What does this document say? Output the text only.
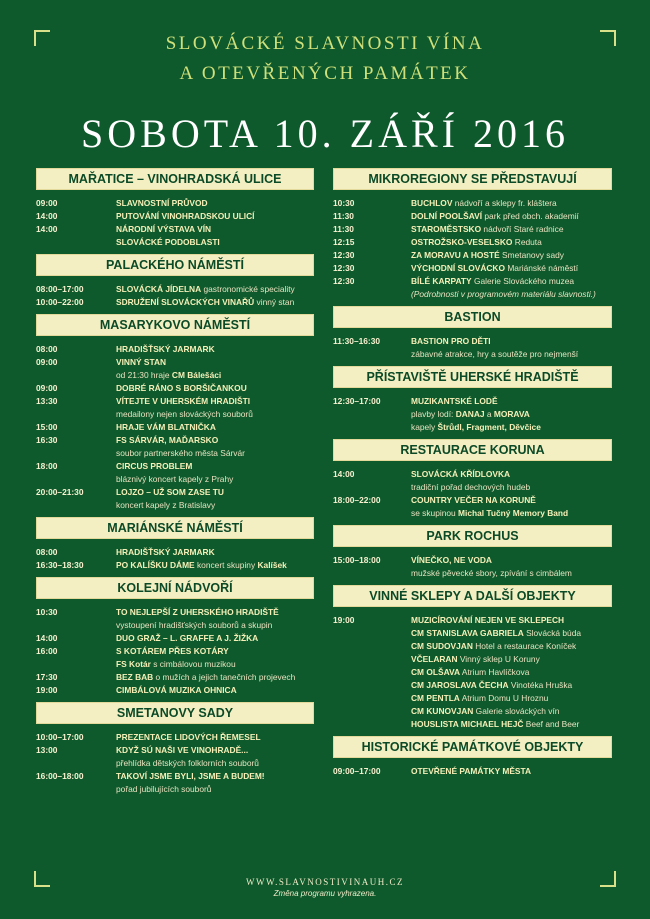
SLOVÁCKÉ SLAVNOSTI VÍNA
A OTEVŘENÝCH PAMÁTEK
SOBOTA 10. ZÁŘÍ 2016
MAŘATICE – VINOHRADSKÁ ULICE
09:00	SLAVNOSTNÍ PRŮVOD
14:00	PUTOVÁNÍ VINOHRADSKOU ULICÍ
14:00	NÁRODNÍ VÝSTAVA VÍN
SLOVÁCKÉ PODOBLASTI
PALACKÉHO NÁMĚSTÍ
08:00–17:00	SLOVÁCKÁ JÍDELNA gastronomické speciality
10:00–22:00	SDRUŽENÍ SLOVÁCKÝCH VINAŘŮ vinný stan
MASARYKOVO NÁMĚSTÍ
08:00	HRADIŠŤSKÝ JARMARK
09:00	VINNÝ STAN
od 21:30 hraje CM Bálešáci
09:00	DOBRÉ RÁNO S BORŠIČANKOU
13:30	VÍTEJTE V UHERSKÉM HRADIŠTI
medailony nejen slováckých souborů
15:00	HRAJE VÁM BLATNIČKA
16:30	FS SÁRVÁR, MAĎARSKO
soubor partnerského města Sárvár
18:00	CIRCUS PROBLEM
bláznivý koncert kapely z Prahy
20:00–21:30	LOJZO – UŽ SOM ZASE TU
koncert kapely z Bratislavy
MARIÁNSKÉ NÁMĚSTÍ
08:00	HRADIŠŤSKÝ JARMARK
16:30–18:30	PO KALÍŠKU DÁME koncert skupiny Kalíšek
KOLEJNÍ NÁDVOŘÍ
10:30	TO NEJLEPŠÍ Z UHERSKÉHO HRADIŠTĚ
vystoupení hradišťských souborů a skupin
14:00	DUO GRAŽ – L. GRAFFE A J. ŽIŽKA
16:00	S KOTÁREM PŘES KOTÁRY
FS Kotár s cimbálovou muzikou
17:30	BEZ BAB o mužích a jejich tanečních projevech
19:00	CIMBÁLOVÁ MUZIKA OHNICA
SMETANOVY SADY
10:00–17:00	PREZENTACE LIDOVÝCH ŘEMESEL
13:00	KDYŽ SÚ NAŠI VE VINOHRADĚ...
přehlídka dětských folklorních souborů
16:00–18:00	TAKOVÍ JSME BYLI, JSME A BUDEM!
pořad jubilujících souborů
MIKROREGIONY SE PŘEDSTAVUJÍ
10:30	BUCHLOV nádvoří a sklepy fr. kláštera
11:30	DOLNÍ POOLŠAVÍ park před obch. akademií
11:30	STAROMĚSTSKO nádvoří Staré radnice
12:15	OSTROŽSKO-VESELSKO Reduta
12:30	ZA MORAVU A HOSTÉ Smetanovy sady
12:30	VÝCHODNÍ SLOVÁCKO Mariánské náměstí
12:30	BÍLÉ KARPATY Galerie Slováckého muzea
(Podrobnosti v programovém materiálu slavnosti.)
BASTION
11:30–16:30	BASTION PRO DĚTI
zábavné atrakce, hry a soutěže pro nejmenší
PŘÍSTAVIŠTĚ UHERSKÉ HRADIŠTĚ
12:30–17:00	MUZIKANTSKÉ LODĚ
plavby lodí: DANAJ a MORAVA
kapely Štrůdl, Fragment, Děvčice
RESTAURACE KORUNA
14:00	SLOVÁCKÁ KŘÍDLOVKA
tradiční pořad dechových hudeb
18:00–22:00	COUNTRY VEČER NA KORUNĚ
se skupinou Michal Tučný Memory Band
PARK ROCHUS
15:00–18:00	VÍNEČKO, NE VODA
mužské pěvecké sbory, zpívání s cimbálem
VINNÉ SKLEPY A DALŠÍ OBJEKTY
19:00	MUZICÍROVÁNÍ NEJEN VE SKLEPECH
CM STANISLAVA GABRIELA Slovácká búda
CM SUDOVJAN Hotel a restaurace Koníček
VČELARAN Vinný sklep U Koruny
CM OLŠAVA Atrium Havlíčkova
CM JAROSLAVA ČECHA Vinotéka Hruška
CM PENTLA Atrium Domu U Hroznu
CM KUNOVJAN Galerie slováckých vín
HOUSLISTA MICHAEL HEJČ Beef and Beer
HISTORICKÉ PAMÁTKOVÉ OBJEKTY
09:00–17:00	OTEVŘENÉ PAMÁTKY MĚSTA
WWW.SLAVNOSTIVINAUH.CZ
Změna programu vyhrazena.
